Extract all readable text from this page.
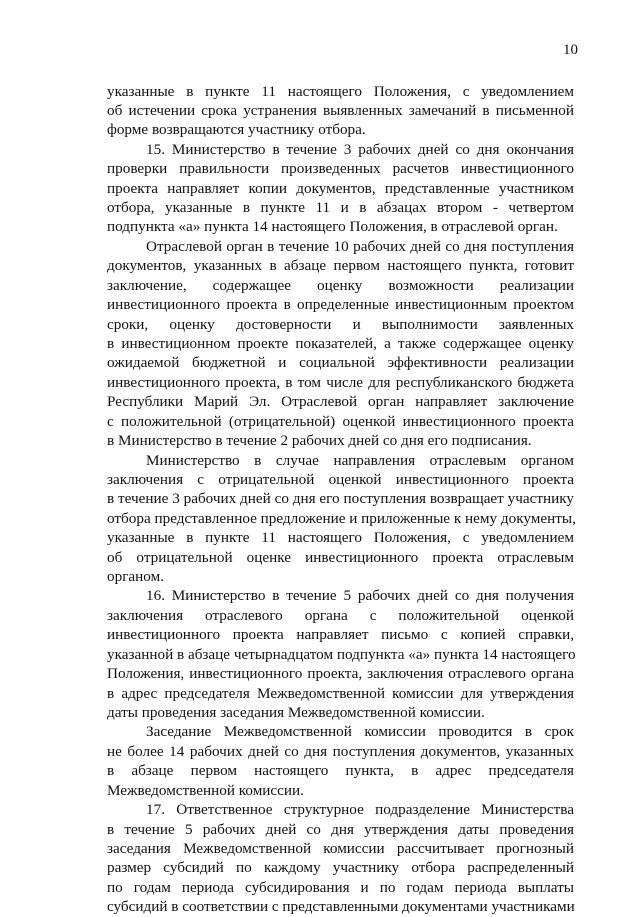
10
указанные в пункте 11 настоящего Положения, с уведомлением
об истечении срока устранения выявленных замечаний в письменной
форме возвращаются участнику отбора.
15. Министерство в течение 3 рабочих дней со дня окончания
проверки правильности произведенных расчетов инвестиционного
проекта направляет копии документов, представленные участником
отбора, указанные в пункте 11 и в абзацах втором - четвертом
подпункта «а» пункта 14 настоящего Положения, в отраслевой орган.
Отраслевой орган в течение 10 рабочих дней со дня поступления
документов, указанных в абзаце первом настоящего пункта, готовит
заключение, содержащее оценку возможности реализации
инвестиционного проекта в определенные инвестиционным проектом
сроки, оценку достоверности и выполнимости заявленных
в инвестиционном проекте показателей, а также содержащее оценку
ожидаемой бюджетной и социальной эффективности реализации
инвестиционного проекта, в том числе для республиканского бюджета
Республики Марий Эл. Отраслевой орган направляет заключение
с положительной (отрицательной) оценкой инвестиционного проекта
в Министерство в течение 2 рабочих дней со дня его подписания.
Министерство в случае направления отраслевым органом
заключения с отрицательной оценкой инвестиционного проекта
в течение 3 рабочих дней со дня его поступления возвращает участнику
отбора представленное предложение и приложенные к нему документы,
указанные в пункте 11 настоящего Положения, с уведомлением
об отрицательной оценке инвестиционного проекта отраслевым
органом.
16. Министерство в течение 5 рабочих дней со дня получения
заключения отраслевого органа с положительной оценкой
инвестиционного проекта направляет письмо с копией справки,
указанной в абзаце четырнадцатом подпункта «а» пункта 14 настоящего
Положения, инвестиционного проекта, заключения отраслевого органа
в адрес председателя Межведомственной комиссии для утверждения
даты проведения заседания Межведомственной комиссии.
Заседание Межведомственной комиссии проводится в срок
не более 14 рабочих дней со дня поступления документов, указанных
в абзаце первом настоящего пункта, в адрес председателя
Межведомственной комиссии.
17. Ответственное структурное подразделение Министерства
в течение 5 рабочих дней со дня утверждения даты проведения
заседания Межведомственной комиссии рассчитывает прогнозный
размер субсидий по каждому участнику отбора распределенный
по годам периода субсидирования и по годам периода выплаты
субсидий в соответствии с представленными документами участниками
